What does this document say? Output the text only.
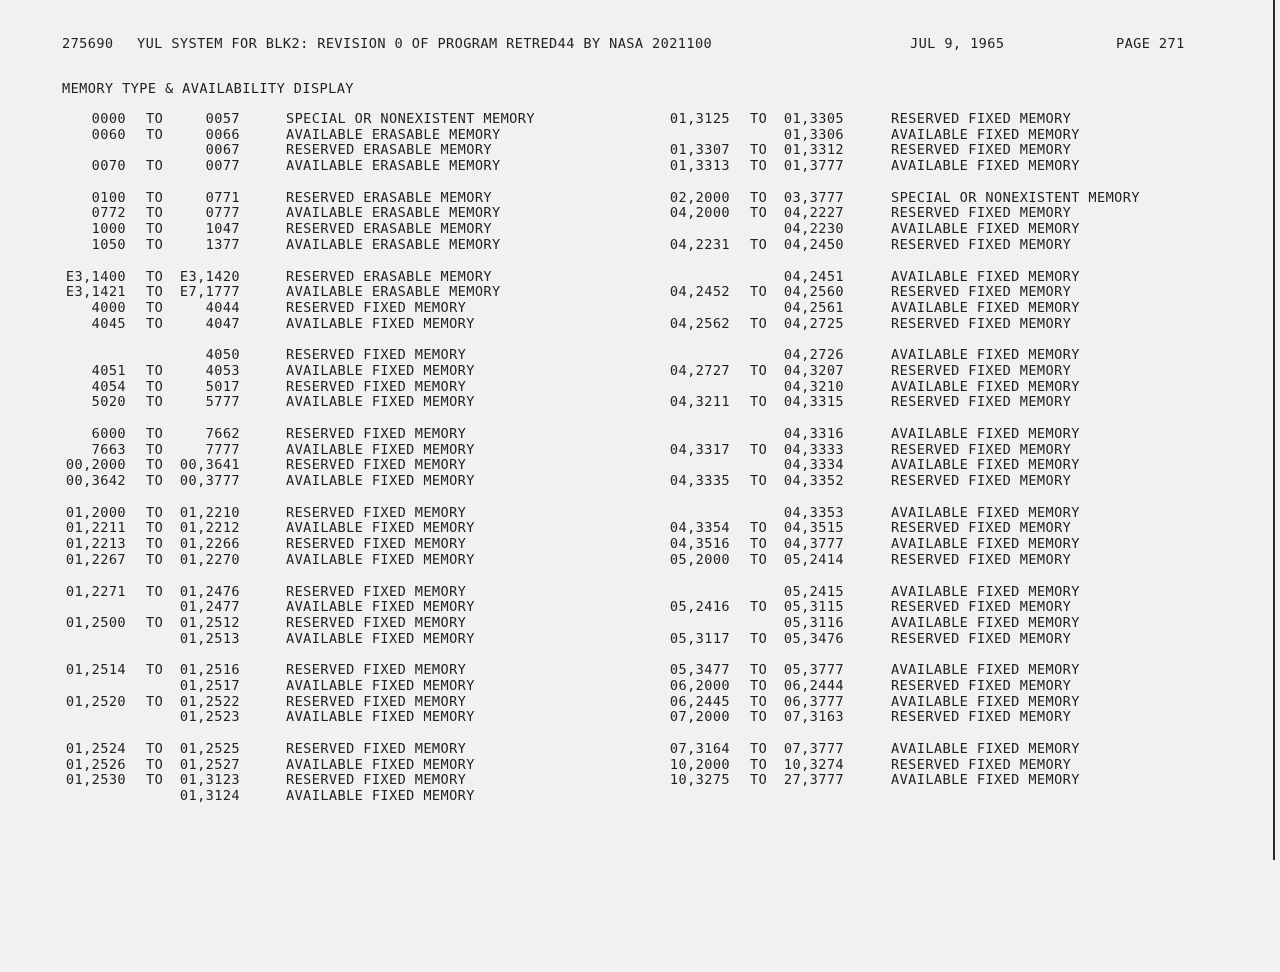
275690 YUL SYSTEM FOR BLK2: REVISION 0 OF PROGRAM RETRED44 BY NASA 2021100	JUL 9, 1965	PAGE 271
MEMORY TYPE & AVAILABILITY DISPLAY
0000 TO	0057	SPECIAL OR NONEXISTENT MEMORY
0060 TO	0066	AVAILABLE ERASABLE MEMORY
0067	RESERVED ERASABLE MEMORY
0070 TO	0077	AVAILABLE ERASABLE MEMORY
0100 TO	0771	RESERVED ERASABLE MEMORY
0772 TO	0777	AVAILABLE ERASABLE MEMORY
1000 TO	1047	RESERVED ERASABLE MEMORY
1050 TO	1377	AVAILABLE ERASABLE MEMORY
E3,1400 TO E3,1420	RESERVED ERASABLE MEMORY
E3,1421 TO E7,1777	AVAILABLE ERASABLE MEMORY
4000 TO	4044	RESERVED FIXED MEMORY
4045 TO	4047	AVAILABLE FIXED MEMORY
4050	RESERVED FIXED MEMORY
4051 TO	4053	AVAILABLE FIXED MEMORY
4054 TO	5017	RESERVED FIXED MEMORY
5020 TO	5777	AVAILABLE FIXED MEMORY
6000 TO	7662	RESERVED FIXED MEMORY
7663 TO	7777	AVAILABLE FIXED MEMORY
00,2000 TO 00,3641	RESERVED FIXED MEMORY
00,3642 TO 00,3777	AVAILABLE FIXED MEMORY
01,2000 TO 01,2210	RESERVED FIXED MEMORY
01,2211 TO 01,2212	AVAILABLE FIXED MEMORY
01,2213 TO 01,2266	RESERVED FIXED MEMORY
01,2267 TO 01,2270	AVAILABLE FIXED MEMORY
01,2271 TO 01,2476	RESERVED FIXED MEMORY
01,2477	AVAILABLE FIXED MEMORY
01,2500 TO 01,2512	RESERVED FIXED MEMORY
01,2513	AVAILABLE FIXED MEMORY
01,2514 TO 01,2516	RESERVED FIXED MEMORY
01,2517	AVAILABLE FIXED MEMORY
01,2520 TO 01,2522	RESERVED FIXED MEMORY
01,2523	AVAILABLE FIXED MEMORY
01,2524 TO 01,2525	RESERVED FIXED MEMORY
01,2526 TO 01,2527	AVAILABLE FIXED MEMORY
01,2530 TO 01,3123	RESERVED FIXED MEMORY
01,3124	AVAILABLE FIXED MEMORY
01,3125 TO	01,3305	RESERVED FIXED MEMORY
01,3306	AVAILABLE FIXED MEMORY
01,3307 TO	01,3312	RESERVED FIXED MEMORY
01,3313 TO	01,3777	AVAILABLE FIXED MEMORY
02,2000 TO	03,3777	SPECIAL OR NONEXISTENT MEMORY
04,2000 TO	04,2227	RESERVED FIXED MEMORY
04,2230	AVAILABLE FIXED MEMORY
04,2231 TO	04,2450	RESERVED FIXED MEMORY
04,2451	AVAILABLE FIXED MEMORY
04,2452 TO	04,2560	RESERVED FIXED MEMORY
04,2561	AVAILABLE FIXED MEMORY
04,2562 TO	04,2725	RESERVED FIXED MEMORY
04,2726	AVAILABLE FIXED MEMORY
04,2727 TO	04,3207	RESERVED FIXED MEMORY
04,3210	AVAILABLE FIXED MEMORY
04,3211 TO	04,3315	RESERVED FIXED MEMORY
04,3316	AVAILABLE FIXED MEMORY
04,3317 TO	04,3333	RESERVED FIXED MEMORY
04,3334	AVAILABLE FIXED MEMORY
04,3335 TO	04,3352	RESERVED FIXED MEMORY
04,3353	AVAILABLE FIXED MEMORY
04,3354 TO	04,3515	RESERVED FIXED MEMORY
04,3516 TO	04,3777	AVAILABLE FIXED MEMORY
05,2000 TO	05,2414	RESERVED FIXED MEMORY
05,2415	AVAILABLE FIXED MEMORY
05,2416 TO	05,3115	RESERVED FIXED MEMORY
05,3116	AVAILABLE FIXED MEMORY
05,3117 TO	05,3476	RESERVED FIXED MEMORY
05,3477 TO	05,3777	AVAILABLE FIXED MEMORY
06,2000 TO	06,2444	RESERVED FIXED MEMORY
06,2445 TO	06,3777	AVAILABLE FIXED MEMORY
07,2000 TO	07,3163	RESERVED FIXED MEMORY
07,3164 TO	07,3777	AVAILABLE FIXED MEMORY
10,2000 TO	10,3274	RESERVED FIXED MEMORY
10,3275 TO	27,3777	AVAILABLE FIXED MEMORY
